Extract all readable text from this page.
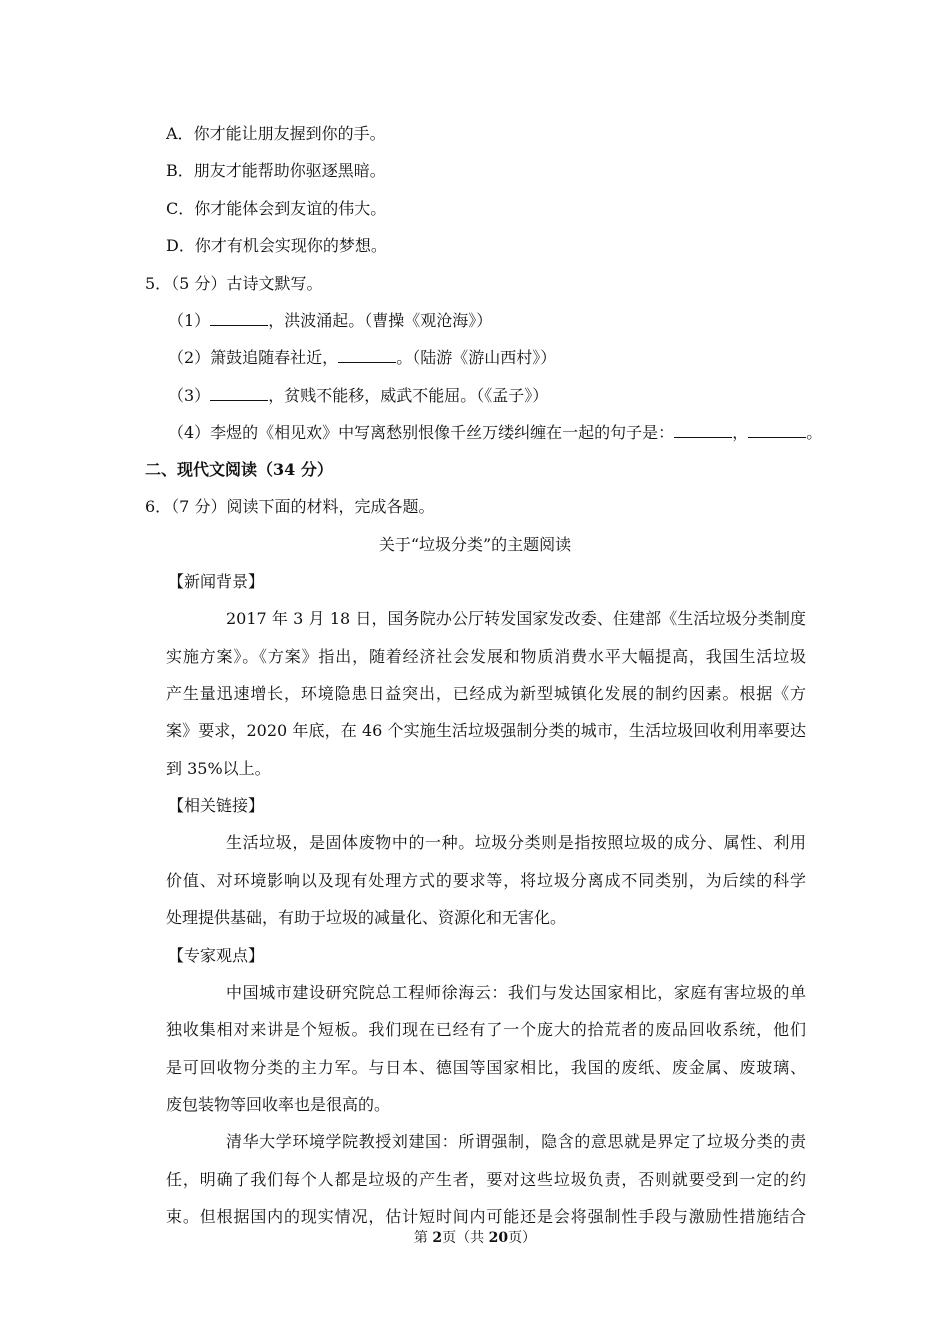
A．你才能让朋友握到你的手。
B．朋友才能帮助你驱逐黑暗。
C．你才能体会到友谊的伟大。
D．你才有机会实现你的梦想。
5．（5 分）古诗文默写。
（1）	，洪波涌起。（曹操《观沧海》）
（2）箫鼓追随春社近，	。（陆游《游山西村》）
（3）	，贫贱不能移，威武不能屈。（《孟子》）
（4）李煜的《相见欢》中写离愁别恨像千丝万缕纠缠在一起的句子是：	，	。
二、现代文阅读（34 分）
6．（7 分）阅读下面的材料，完成各题。
关于“垃圾分类”的主题阅读
【新闻背景】
2017 年 3 月 18 日，国务院办公厅转发国家发改委、住建部《生活垃圾分类制度
实施方案》。《方案》指出，随着经济社会发展和物质消费水平大幅提高，我国生活垃圾
产生量迅速增长，环境隐患日益突出，已经成为新型城镇化发展的制约因素。根据《方
案》要求，2020 年底，在 46 个实施生活垃圾强制分类的城市，生活垃圾回收利用率要达
到 35%以上。
【相关链接】
生活垃圾，是固体废物中的一种。垃圾分类则是指按照垃圾的成分、属性、利用
价值、对环境影响以及现有处理方式的要求等，将垃圾分离成不同类别，为后续的科学
处理提供基础，有助于垃圾的减量化、资源化和无害化。
【专家观点】
中国城市建设研究院总工程师徐海云：我们与发达国家相比，家庭有害垃圾的单
独收集相对来讲是个短板。我们现在已经有了一个庞大的拾荒者的废品回收系统，他们
是可回收物分类的主力军。与日本、德国等国家相比，我国的废纸、废金属、废玻璃、
废包装物等回收率也是很高的。
清华大学环境学院教授刘建国：所谓强制，隐含的意思就是界定了垃圾分类的责
任，明确了我们每个人都是垃圾的产生者，要对这些垃圾负责，否则就要受到一定的约
束。但根据国内的现实情况，估计短时间内可能还是会将强制性手段与激励性措施结合
第 2页（共 20页）
